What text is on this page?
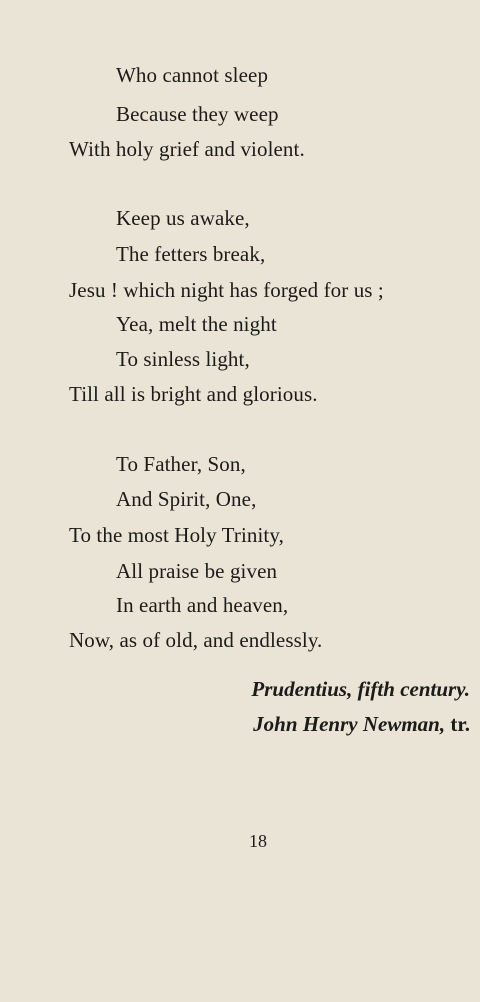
Who cannot sleep
Because they weep
With holy grief and violent.
Keep us awake,
The fetters break,
Jesu ! which night has forged for us ;
Yea, melt the night
To sinless light,
Till all is bright and glorious.
To Father, Son,
And Spirit, One,
To the most Holy Trinity,
All praise be given
In earth and heaven,
Now, as of old, and endlessly.
Prudentius, fifth century.
John Henry Newman, tr.
18
